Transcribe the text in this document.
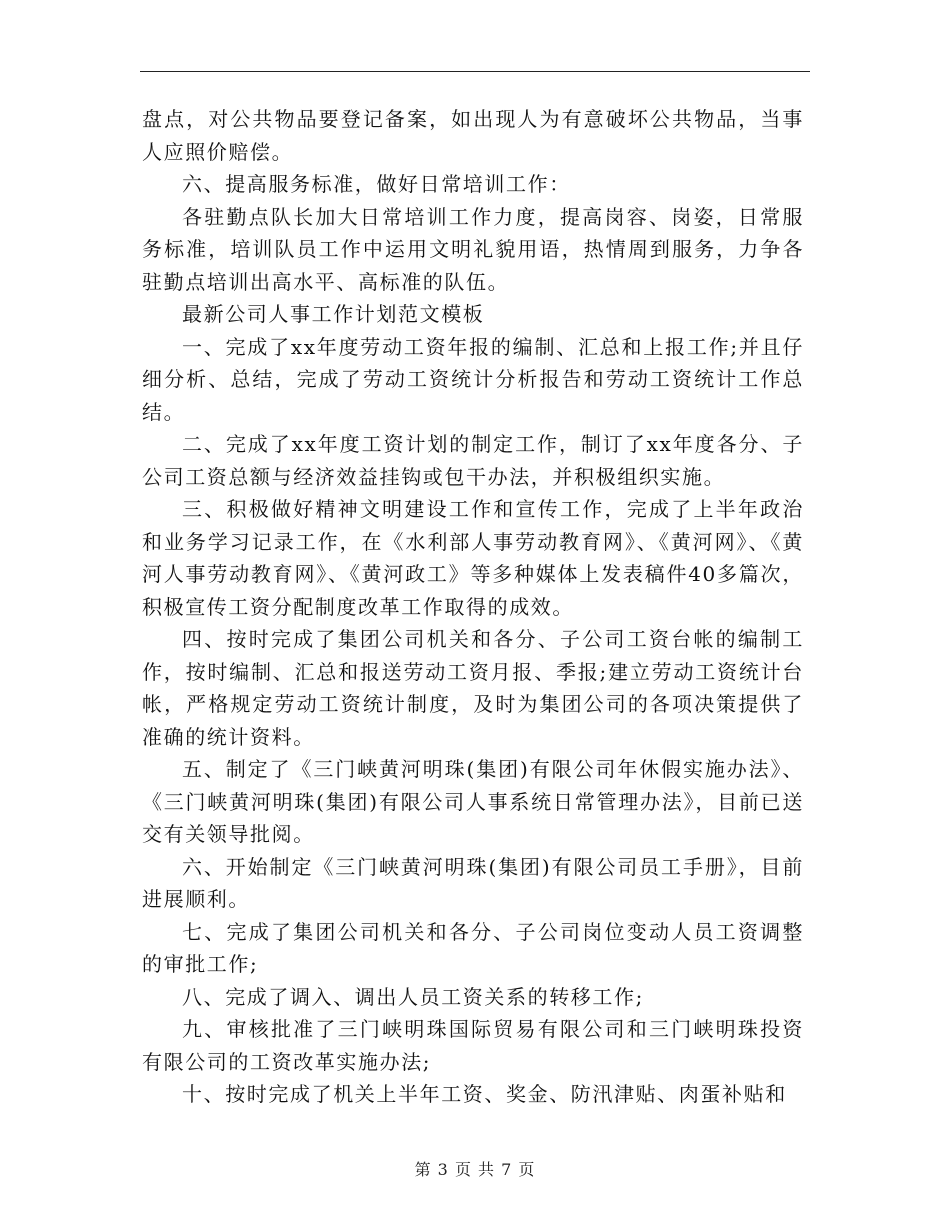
盘点，对公共物品要登记备案，如出现人为有意破坏公共物品，当事人应照价赔偿。

六、提高服务标准，做好日常培训工作：

各驻勤点队长加大日常培训工作力度，提高岗容、岗姿，日常服务标准，培训队员工作中运用文明礼貌用语，热情周到服务，力争各驻勤点培训出高水平、高标准的队伍。

最新公司人事工作计划范文模板

一、完成了xx年度劳动工资年报的编制、汇总和上报工作;并且仔细分析、总结，完成了劳动工资统计分析报告和劳动工资统计工作总结。

二、完成了xx年度工资计划的制定工作，制订了xx年度各分、子公司工资总额与经济效益挂钩或包干办法，并积极组织实施。

三、积极做好精神文明建设工作和宣传工作，完成了上半年政治和业务学习记录工作，在《水利部人事劳动教育网》、《黄河网》、《黄河人事劳动教育网》、《黄河政工》等多种媒体上发表稿件40多篇次，积极宣传工资分配制度改革工作取得的成效。

四、按时完成了集团公司机关和各分、子公司工资台帐的编制工作，按时编制、汇总和报送劳动工资月报、季报;建立劳动工资统计台帐，严格规定劳动工资统计制度，及时为集团公司的各项决策提供了准确的统计资料。

五、制定了《三门峡黄河明珠(集团)有限公司年休假实施办法》、《三门峡黄河明珠(集团)有限公司人事系统日常管理办法》，目前已送交有关领导批阅。

六、开始制定《三门峡黄河明珠(集团)有限公司员工手册》，目前进展顺利。

七、完成了集团公司机关和各分、子公司岗位变动人员工资调整的审批工作;

八、完成了调入、调出人员工资关系的转移工作;

九、审核批准了三门峡明珠国际贸易有限公司和三门峡明珠投资有限公司的工资改革实施办法;

十、按时完成了机关上半年工资、奖金、防汛津贴、肉蛋补贴和

第 3 页 共 7 页
